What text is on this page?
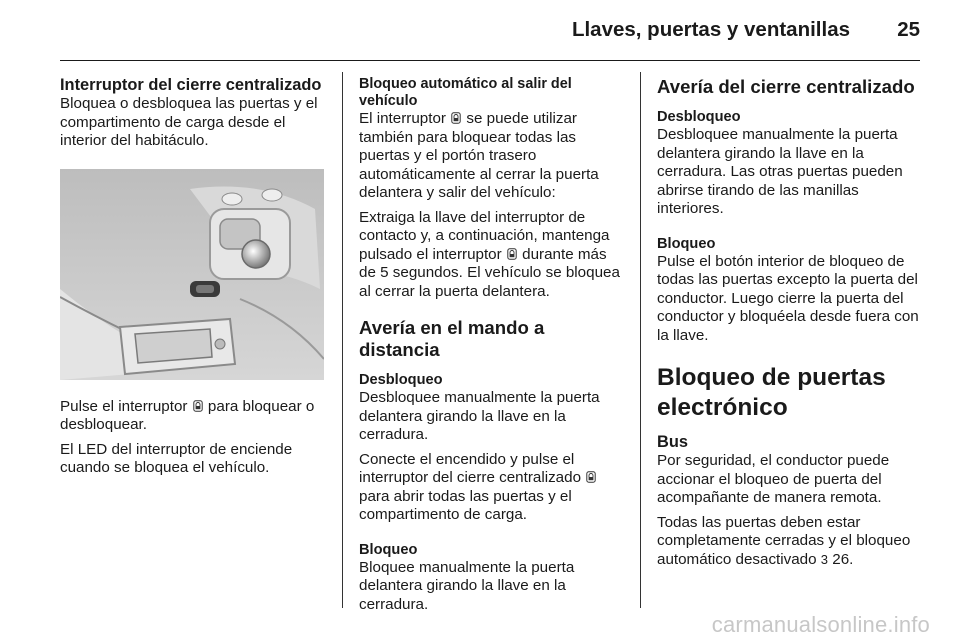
Llaves, puertas y ventanillas	25
Interruptor del cierre centralizado

Bloquea o desbloquea las puertas y el compartimento de carga desde el interior del habitáculo.

Pulse el interruptor  para bloquear o desbloquear.

El LED del interruptor de enciende cuando se bloquea el vehículo.

Bloqueo automático al salir del vehículo

El interruptor  se puede utilizar también para bloquear todas las puertas y el portón trasero automáticamente al cerrar la puerta delantera y salir del vehículo:

Extraiga la llave del interruptor de contacto y, a continuación, mantenga pulsado el interruptor  durante más de 5 segundos. El vehículo se bloquea al cerrar la puerta delantera.

Avería en el mando a distancia
Desbloqueo

Desbloquee manualmente la puerta delantera girando la llave en la cerradura.

Conecte el encendido y pulse el interruptor del cierre centralizado  para abrir todas las puertas y el compartimento de carga.

Bloqueo

Bloquee manualmente la puerta delantera girando la llave en la cerradura.

Avería del cierre centralizado
Desbloqueo

Desbloquee manualmente la puerta delantera girando la llave en la cerradura. Las otras puertas pueden abrirse tirando de las manillas interiores.

Bloqueo

Pulse el botón interior de bloqueo de todas las puertas excepto la puerta del conductor. Luego cierre la puerta del conductor y bloquéela desde fuera con la llave.

Bloqueo de puertas electrónico
Bus

Por seguridad, el conductor puede accionar el bloqueo de puerta del acompañante de manera remota.

Todas las puertas deben estar completamente cerradas y el bloqueo automático desactivado 3 26.

carmanualsonline.info
